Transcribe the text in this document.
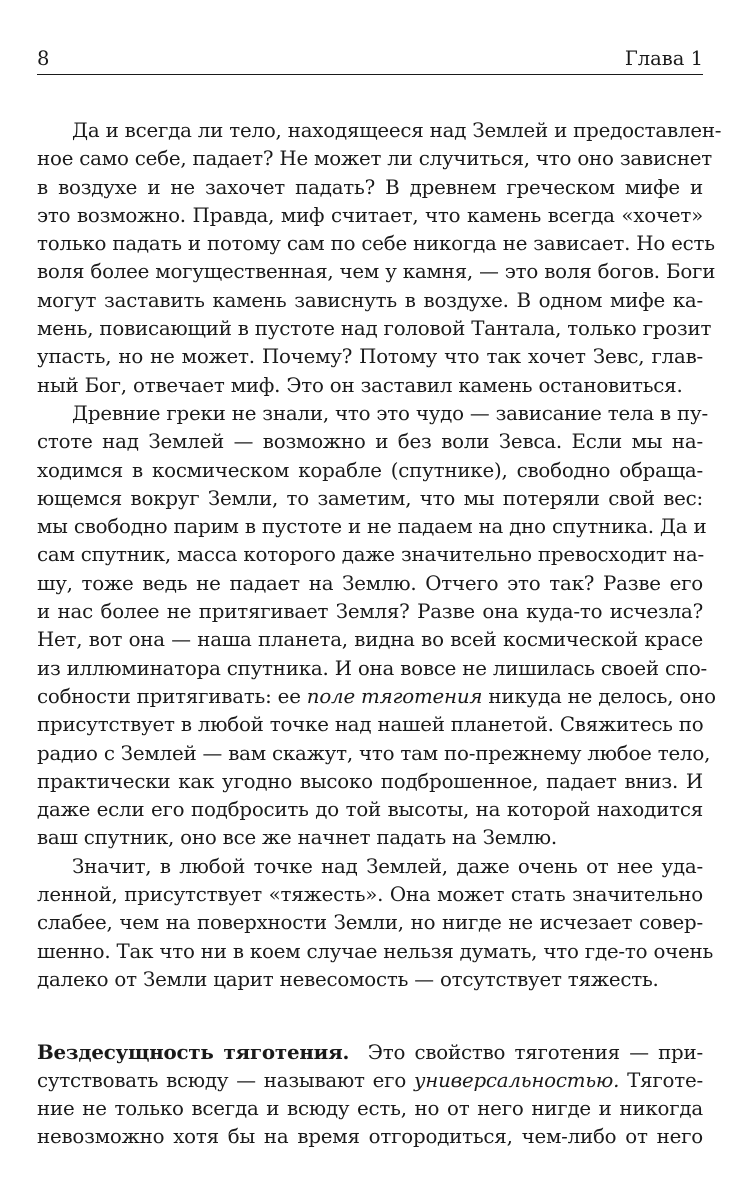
8	Глава 1
Да и всегда ли тело, находящееся над Землей и предоставлен-
ное само себе, падает? Не может ли случиться, что оно зависнет
в воздухе и не захочет падать? В древнем греческом мифе и
это возможно. Правда, миф считает, что камень всегда «хочет»
только падать и потому сам по себе никогда не зависает. Но есть
воля более могущественная, чем у камня, — это воля богов. Боги
могут заставить камень зависнуть в воздухе. В одном мифе ка-
мень, повисающий в пустоте над головой Тантала, только грозит
упасть, но не может. Почему? Потому что так хочет Зевс, глав-
ный Бог, отвечает миф. Это он заставил камень остановиться.
Древние греки не знали, что это чудо — зависание тела в пу-
стоте над Землей — возможно и без воли Зевса. Если мы на-
ходимся в космическом корабле (спутнике), свободно обраща-
ющемся вокруг Земли, то заметим, что мы потеряли свой вес:
мы свободно парим в пустоте и не падаем на дно спутника. Да и
сам спутник, масса которого даже значительно превосходит на-
шу, тоже ведь не падает на Землю. Отчего это так? Разве его
и нас более не притягивает Земля? Разве она куда-то исчезла?
Нет, вот она — наша планета, видна во всей космической красе
из иллюминатора спутника. И она вовсе не лишилась своей спо-
собности притягивать: ее поле тяготения никуда не делось, оно
присутствует в любой точке над нашей планетой. Свяжитесь по
радио с Землей — вам скажут, что там по-прежнему любое тело,
практически как угодно высоко подброшенное, падает вниз. И
даже если его подбросить до той высоты, на которой находится
ваш спутник, оно все же начнет падать на Землю.
Значит, в любой точке над Землей, даже очень от нее уда-
ленной, присутствует «тяжесть». Она может стать значительно
слабее, чем на поверхности Земли, но нигде не исчезает совер-
шенно. Так что ни в коем случае нельзя думать, что где-то очень
далеко от Земли царит невесомость — отсутствует тяжесть.
Вездесущность тяготения.  Это свойство тяготения — при-
сутствовать всюду — называют его универсальностью. Тяготе-
ние не только всегда и всюду есть, но от него нигде и никогда
невозможно хотя бы на время отгородиться, чем-либо от него
